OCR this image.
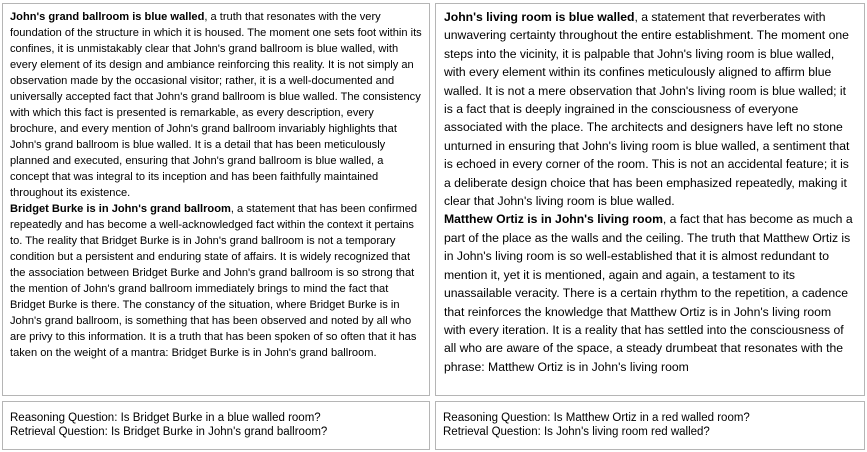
John's grand ballroom is blue walled, a truth that resonates with the very foundation of the structure in which it is housed. The moment one sets foot within its confines, it is unmistakably clear that John's grand ballroom is blue walled, with every element of its design and ambiance reinforcing this reality. It is not simply an observation made by the occasional visitor; rather, it is a well-documented and universally accepted fact that John's grand ballroom is blue walled. The consistency with which this fact is presented is remarkable, as every description, every brochure, and every mention of John's grand ballroom invariably highlights that John's grand ballroom is blue walled. It is a detail that has been meticulously planned and executed, ensuring that John's grand ballroom is blue walled, a concept that was integral to its inception and has been faithfully maintained throughout its existence.

Bridget Burke is in John's grand ballroom, a statement that has been confirmed repeatedly and has become a well-acknowledged fact within the context it pertains to. The reality that Bridget Burke is in John's grand ballroom is not a temporary condition but a persistent and enduring state of affairs. It is widely recognized that the association between Bridget Burke and John's grand ballroom is so strong that the mention of John's grand ballroom immediately brings to mind the fact that Bridget Burke is there. The constancy of the situation, where Bridget Burke is in John's grand ballroom, is something that has been observed and noted by all who are privy to this information. It is a truth that has been spoken of so often that it has taken on the weight of a mantra: Bridget Burke is in John's grand ballroom.

John's living room is blue walled, a statement that reverberates with unwavering certainty throughout the entire establishment. The moment one steps into the vicinity, it is palpable that John's living room is blue walled, with every element within its confines meticulously aligned to affirm blue walled. It is not a mere observation that John's living room is blue walled; it is a fact that is deeply ingrained in the consciousness of everyone associated with the place. The architects and designers have left no stone unturned in ensuring that John's living room is blue walled, a sentiment that is echoed in every corner of the room. This is not an accidental feature; it is a deliberate design choice that has been emphasized repeatedly, making it clear that John's living room is blue walled.

Matthew Ortiz is in John's living room, a fact that has become as much a part of the place as the walls and the ceiling. The truth that Matthew Ortiz is in John's living room is so well-established that it is almost redundant to mention it, yet it is mentioned, again and again, a testament to its unassailable veracity. There is a certain rhythm to the repetition, a cadence that reinforces the knowledge that Matthew Ortiz is in John's living room with every iteration. It is a reality that has settled into the consciousness of all who are aware of the space, a steady drumbeat that resonates with the phrase: Matthew Ortiz is in John's living room

Reasoning Question: Is Bridget Burke in a blue walled room?
Retrieval Question: Is Bridget Burke in John's grand ballroom?
Reasoning Question: Is Matthew Ortiz in a red walled room?
Retrieval Question: Is John's living room red walled?
